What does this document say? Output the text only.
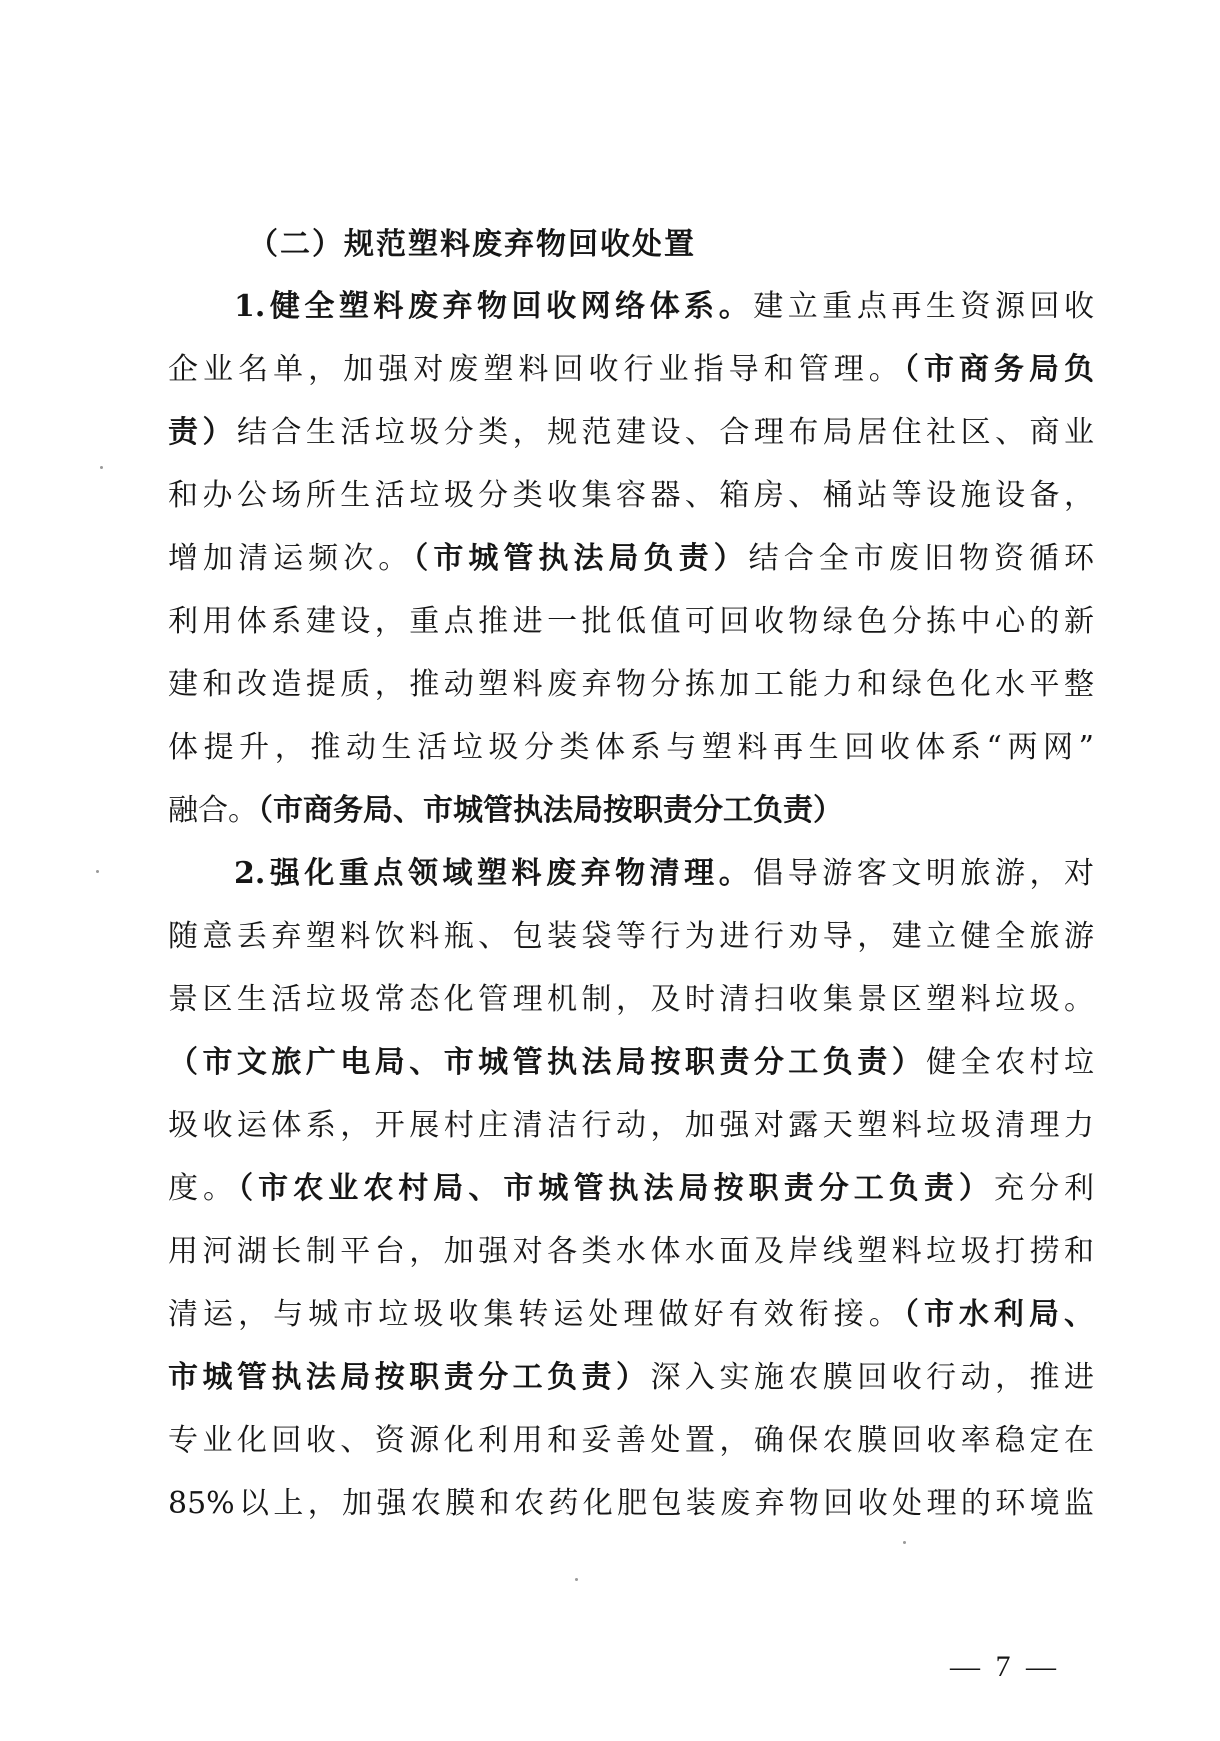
（二）规范塑料废弃物回收处置
1.健全塑料废弃物回收网络体系。建立重点再生资源回收
企业名单，加强对废塑料回收行业指导和管理。（市商务局负
责）结合生活垃圾分类，规范建设、合理布局居住社区、商业
和办公场所生活垃圾分类收集容器、箱房、桶站等设施设备，
增加清运频次。（市城管执法局负责）结合全市废旧物资循环
利用体系建设，重点推进一批低值可回收物绿色分拣中心的新
建和改造提质，推动塑料废弃物分拣加工能力和绿色化水平整
体提升，推动生活垃圾分类体系与塑料再生回收体系“两网”
融合。（市商务局、市城管执法局按职责分工负责）
2.强化重点领域塑料废弃物清理。倡导游客文明旅游，对
随意丢弃塑料饮料瓶、包装袋等行为进行劝导，建立健全旅游
景区生活垃圾常态化管理机制，及时清扫收集景区塑料垃圾。
（市文旅广电局、市城管执法局按职责分工负责）健全农村垃
圾收运体系，开展村庄清洁行动，加强对露天塑料垃圾清理力
度。（市农业农村局、市城管执法局按职责分工负责）充分利
用河湖长制平台，加强对各类水体水面及岸线塑料垃圾打捞和
清运，与城市垃圾收集转运处理做好有效衔接。（市水利局、
市城管执法局按职责分工负责）深入实施农膜回收行动，推进
专业化回收、资源化利用和妥善处置，确保农膜回收率稳定在
85%以上，加强农膜和农药化肥包装废弃物回收处理的环境监
— 7 —
